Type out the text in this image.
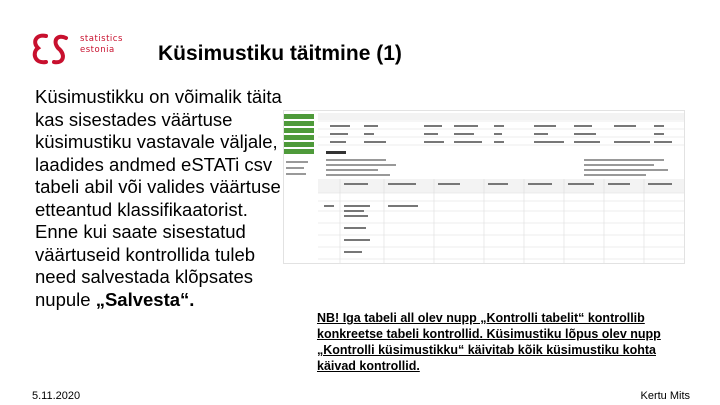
statistics
estonia	Küsimustiku täitmine (1)
Küsimustikku on võimalik täita kas sisestades väärtuse küsimustiku vastavale väljale, laadides andmed eSTATi csv tabeli abil või valides väärtuse etteantud klassifikaatorist. Enne kui saate sisestatud väärtuseid kontrollida tuleb need salvestada klõpsates nupule „Salvesta“.
NB! Iga tabeli all olev nupp „Kontrolli tabelit“ kontrollib konkreetse tabeli kontrollid. Küsimustiku lõpus olev nupp „Kontrolli küsimustikku“ käivitab kõik küsimustiku kohta käivad kontrollid.
5.11.2020	Kertu Mits
